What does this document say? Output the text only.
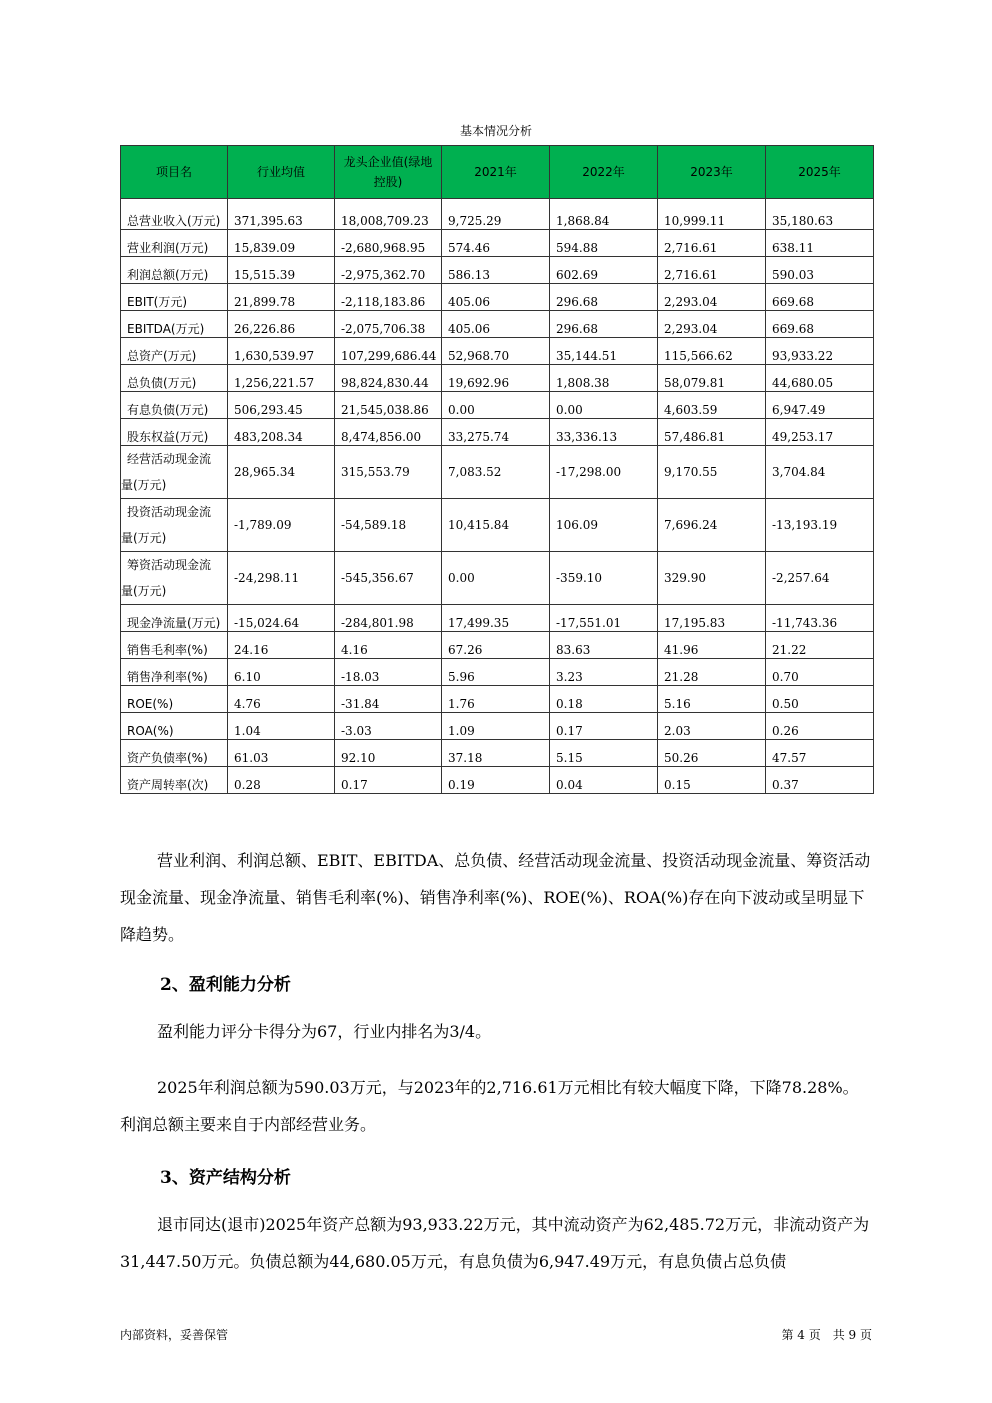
基本情况分析
项目名	行业均值	龙头企业值(绿地控股)	2021年	2022年	2023年	2025年
总营业收入(万元)	371,395.63	18,008,709.23	9,725.29	1,868.84	10,999.11	35,180.63
营业利润(万元)	15,839.09	-2,680,968.95	574.46	594.88	2,716.61	638.11
利润总额(万元)	15,515.39	-2,975,362.70	586.13	602.69	2,716.61	590.03
EBIT(万元)	21,899.78	-2,118,183.86	405.06	296.68	2,293.04	669.68
EBITDA(万元)	26,226.86	-2,075,706.38	405.06	296.68	2,293.04	669.68
总资产(万元)	1,630,539.97	107,299,686.44	52,968.70	35,144.51	115,566.62	93,933.22
总负债(万元)	1,256,221.57	98,824,830.44	19,692.96	1,808.38	58,079.81	44,680.05
有息负债(万元)	506,293.45	21,545,038.86	0.00	0.00	4,603.59	6,947.49
股东权益(万元)	483,208.34	8,474,856.00	33,275.74	33,336.13	57,486.81	49,253.17

经营活动现金流
量(万元)	28,965.34	315,553.79	7,083.52	-17,298.00	9,170.55	3,704.84

投资活动现金流
量(万元)	-1,789.09	-54,589.18	10,415.84	106.09	7,696.24	-13,193.19

筹资活动现金流
量(万元)	-24,298.11	-545,356.67	0.00	-359.10	329.90	-2,257.64
现金净流量(万元)	-15,024.64	-284,801.98	17,499.35	-17,551.01	17,195.83	-11,743.36
销售毛利率(%)	24.16	4.16	67.26	83.63	41.96	21.22
销售净利率(%)	6.10	-18.03	5.96	3.23	21.28	0.70
ROE(%)	4.76	-31.84	1.76	0.18	5.16	0.50
ROA(%)	1.04	-3.03	1.09	0.17	2.03	0.26
资产负债率(%)	61.03	92.10	37.18	5.15	50.26	47.57
资产周转率(次)	0.28	0.17	0.19	0.04	0.15	0.37

营业利润、利润总额、EBIT、EBITDA、总负债、经营活动现金流量、投资活动现金流量、筹资活动现金流量、现金净流量、销售毛利率(%)、销售净利率(%)、ROE(%)、ROA(%)存在向下波动或呈明显下降趋势。

2、盈利能力分析

盈利能力评分卡得分为67，行业内排名为3/4。

2025年利润总额为590.03万元，与2023年的2,716.61万元相比有较大幅度下降，下降78.28%。利润总额主要来自于内部经营业务。

3、资产结构分析

退市同达(退市)2025年资产总额为93,933.22万元，其中流动资产为62,485.72万元，非流动资产为31,447.50万元。负债总额为44,680.05万元，有息负债为6,947.49万元，有息负债占总负债

内部资料，妥善保管	第 4 页　共 9 页
